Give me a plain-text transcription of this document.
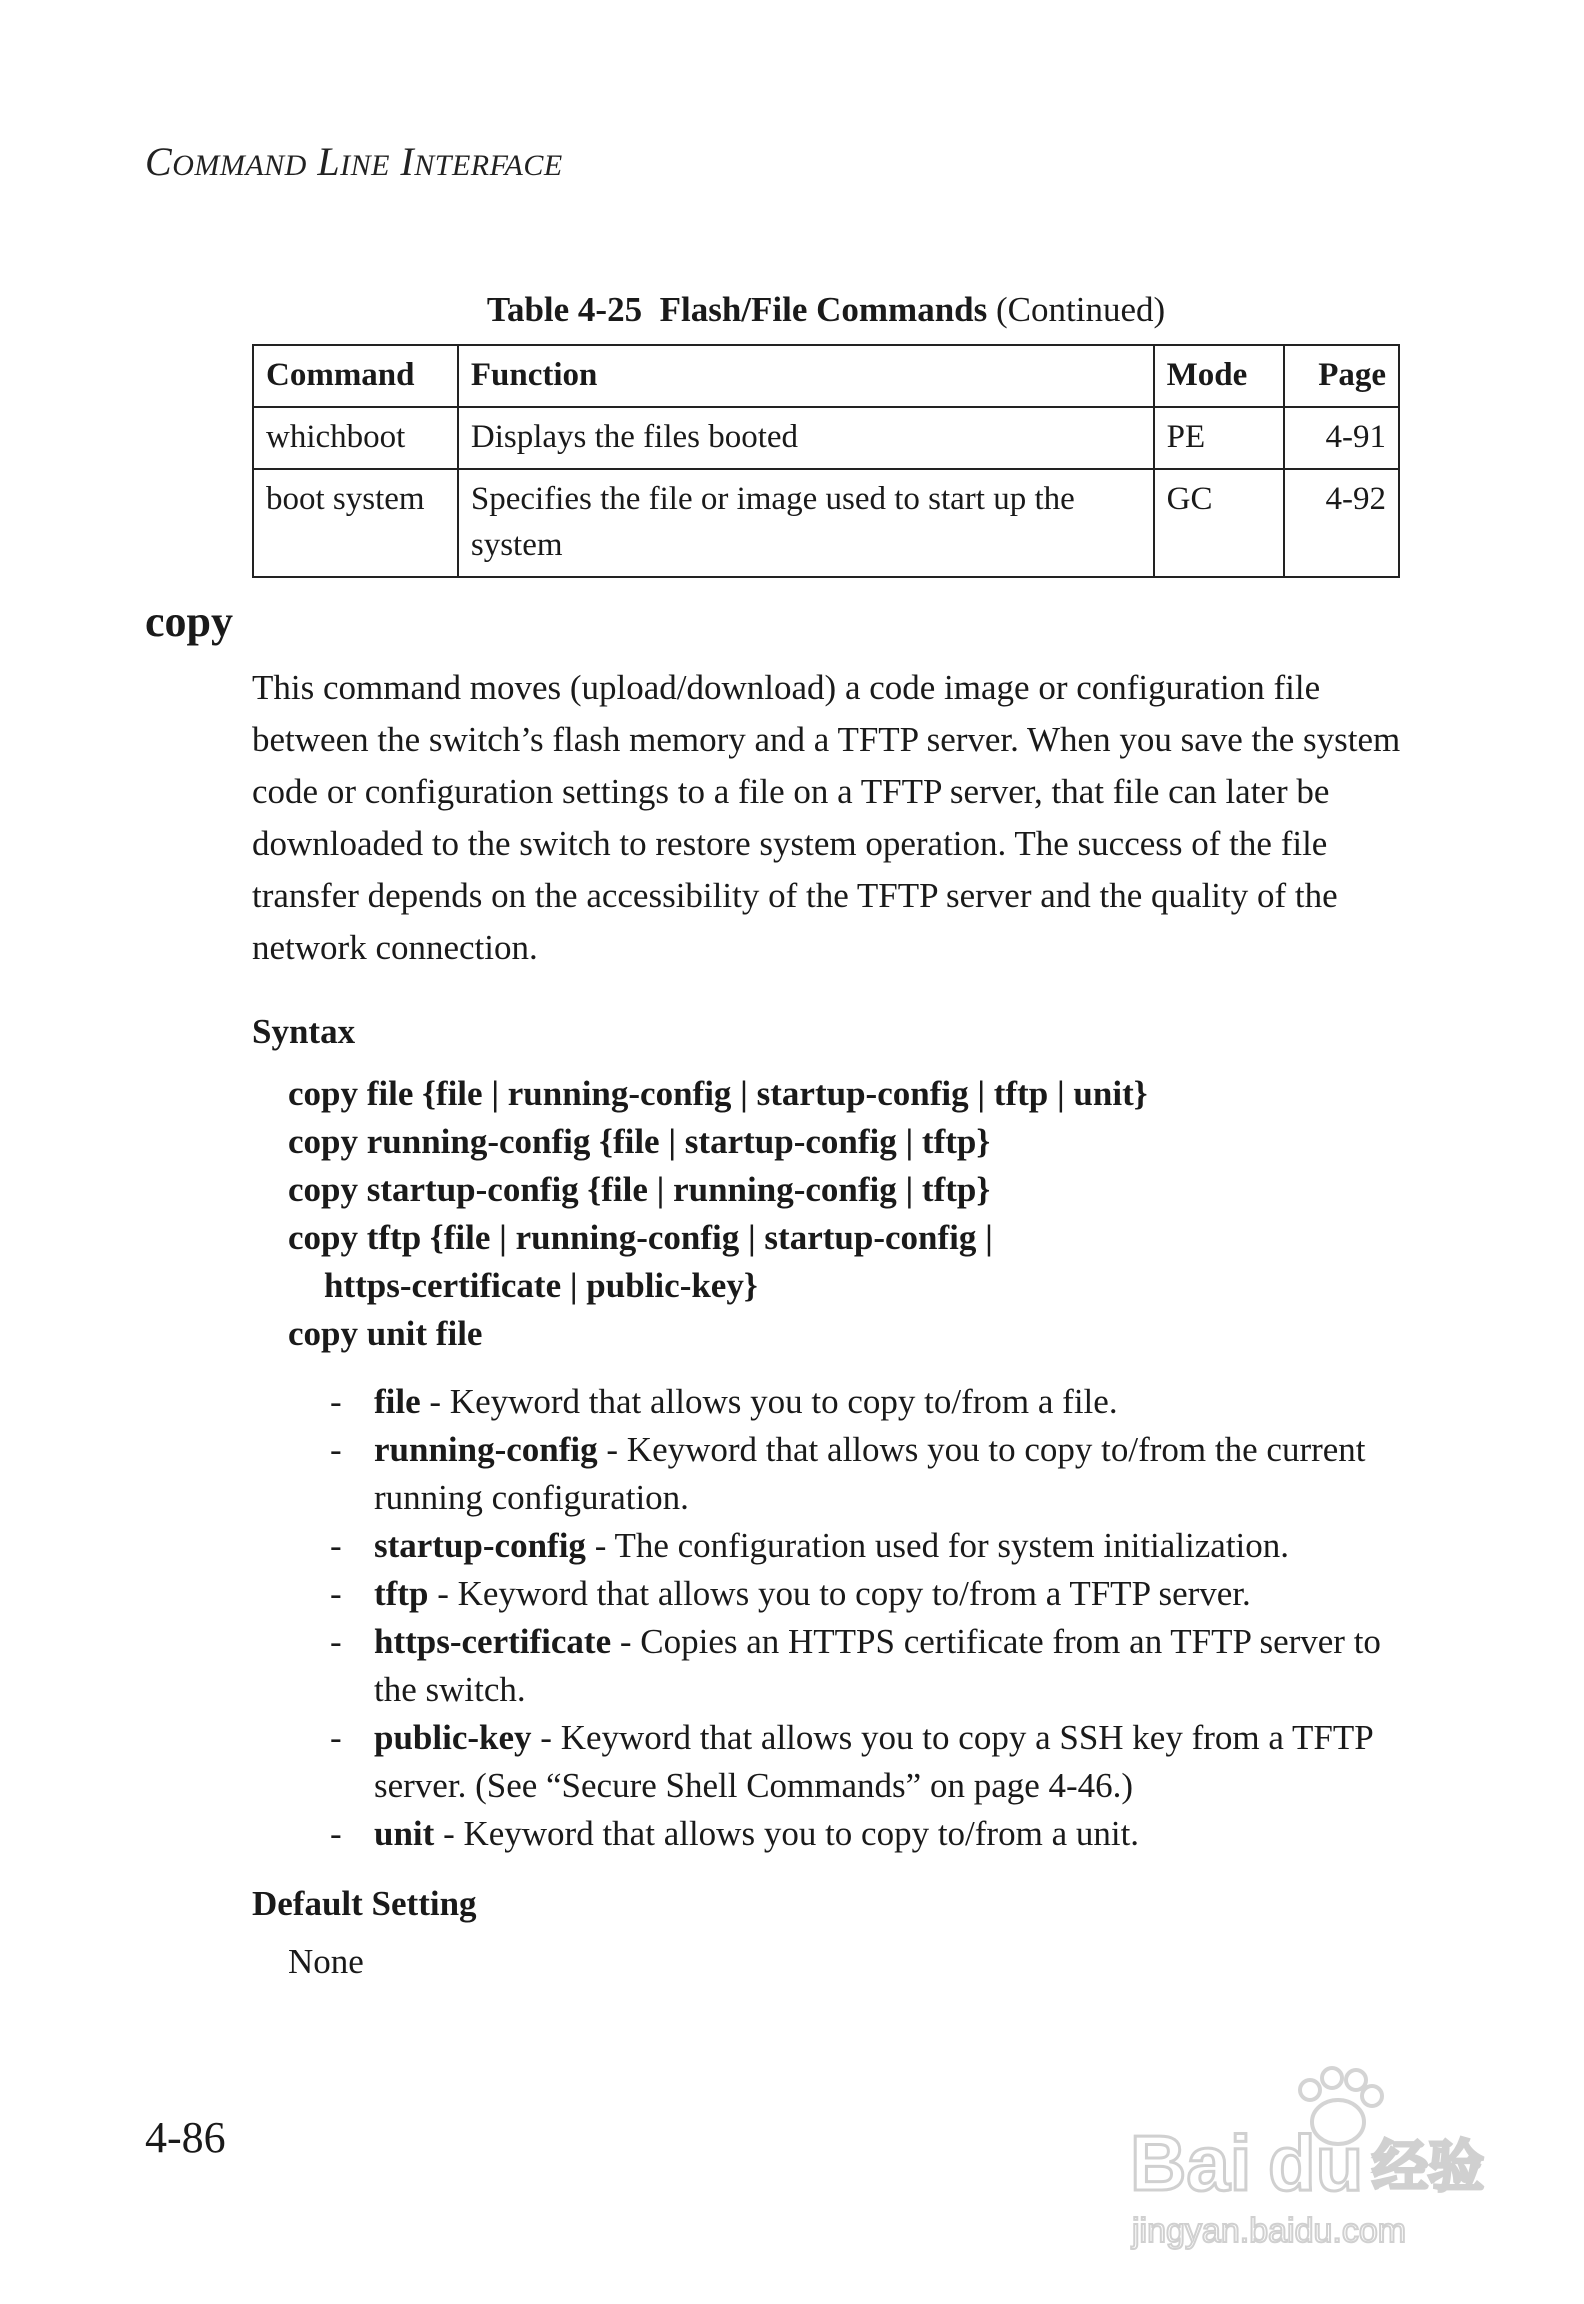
COMMAND LINE INTERFACE
Table 4-25 Flash/File Commands (Continued)
Command	Function	Mode	Page
whichboot	Displays the files booted	PE	4-91
boot system	Specifies the file or image used to start up the system	GC	4-92
copy
This command moves (upload/download) a code image or configuration file between the switch’s flash memory and a TFTP server. When you save the system code or configuration settings to a file on a TFTP server, that file can later be downloaded to the switch to restore system operation. The success of the file transfer depends on the accessibility of the TFTP server and the quality of the network connection.
Syntax
copy file {file | running-config | startup-config | tftp | unit}
copy running-config {file | startup-config | tftp}
copy startup-config {file | running-config | tftp}
copy tftp {file | running-config | startup-config |
https-certificate | public-key}
copy unit file
- file - Keyword that allows you to copy to/from a file.
- running-config - Keyword that allows you to copy to/from the current running configuration.
- startup-config - The configuration used for system initialization.
- tftp - Keyword that allows you to copy to/from a TFTP server.
- https-certificate - Copies an HTTPS certificate from an TFTP server to the switch.
- public-key - Keyword that allows you to copy a SSH key from a TFTP server. (See “Secure Shell Commands” on page 4-46.)
- unit - Keyword that allows you to copy to/from a unit.
Default Setting
None
4-86	Bai du 经验
jingyan.baidu.com
